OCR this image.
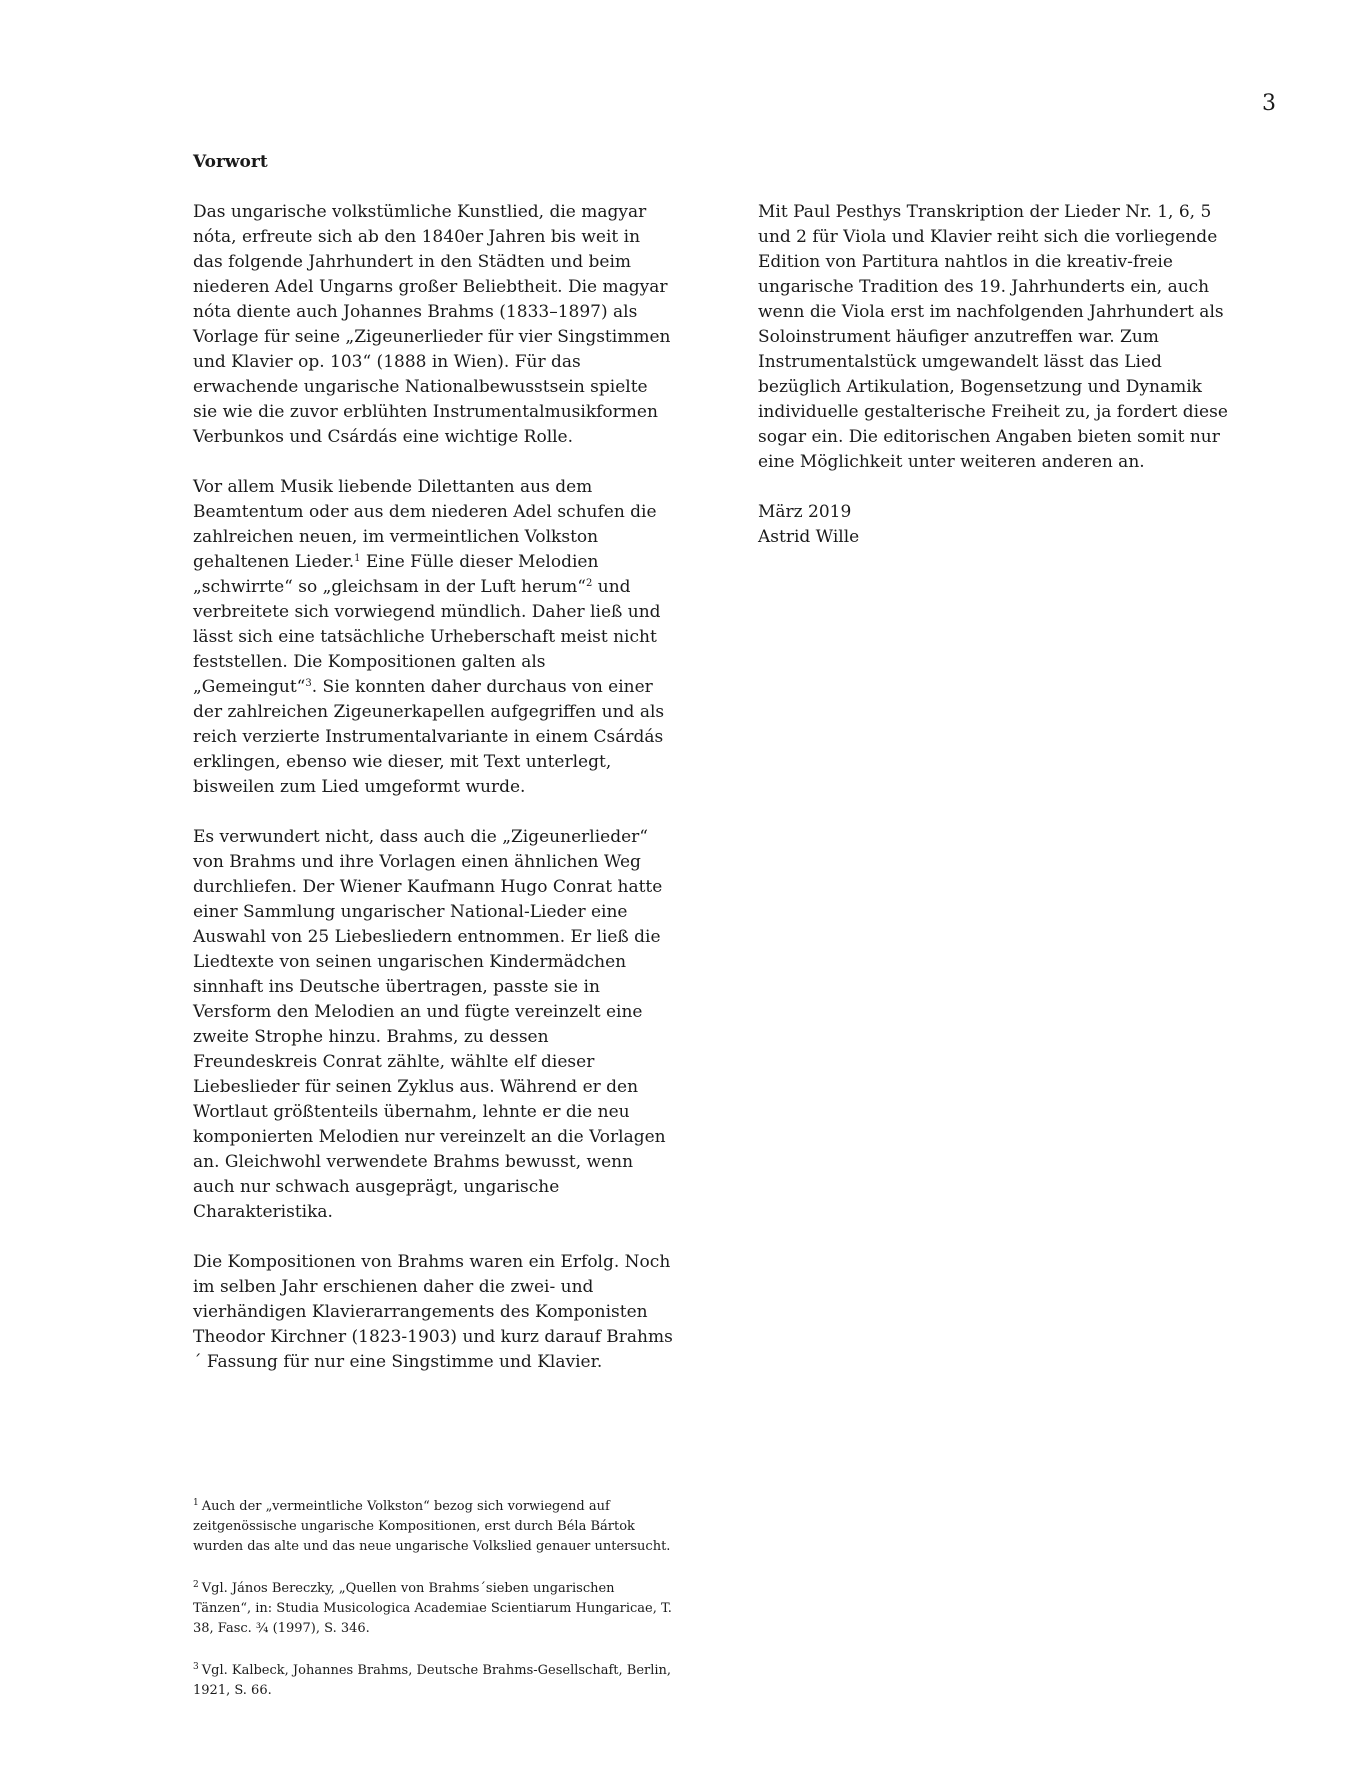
3
Vorwort

Das ungarische volkstümliche Kunstlied, die magyar nóta, erfreute sich ab den 1840er Jahren bis weit in das folgende Jahrhundert in den Städten und beim niederen Adel Ungarns großer Beliebtheit. Die magyar nóta diente auch Johannes Brahms (1833–1897) als Vorlage für seine „Zigeunerlieder für vier Singstimmen und Klavier op. 103“ (1888 in Wien). Für das erwachende ungarische Nationalbewusstsein spielte sie wie die zuvor erblühten Instrumentalmusikformen Verbunkos und Csárdás eine wichtige Rolle.

Vor allem Musik liebende Dilettanten aus dem Beamtentum oder aus dem niederen Adel schufen die zahlreichen neuen, im vermeintlichen Volkston gehaltenen Lieder.$^1$ Eine Fülle dieser Melodien „schwirrte“ so „gleichsam in der Luft herum“$^2$ und verbreitete sich vorwiegend mündlich. Daher ließ und lässt sich eine tatsächliche Urheberschaft meist nicht feststellen. Die Kompositionen galten als „Gemeingut“$^3$. Sie konnten daher durchaus von einer der zahlreichen Zigeunerkapellen aufgegriffen und als reich verzierte Instrumentalvariante in einem Csárdás erklingen, ebenso wie dieser, mit Text unterlegt, bisweilen zum Lied umgeformt wurde.

Es verwundert nicht, dass auch die „Zigeunerlieder“ von Brahms und ihre Vorlagen einen ähnlichen Weg durchliefen. Der Wiener Kaufmann Hugo Conrat hatte einer Sammlung ungarischer National-Lieder eine Auswahl von 25 Liebesliedern entnommen. Er ließ die Liedtexte von seinen ungarischen Kindermädchen sinnhaft ins Deutsche übertragen, passte sie in Versform den Melodien an und fügte vereinzelt eine zweite Strophe hinzu. Brahms, zu dessen Freundeskreis Conrat zählte, wählte elf dieser Liebeslieder für seinen Zyklus aus. Während er den Wortlaut größtenteils übernahm, lehnte er die neu komponierten Melodien nur vereinzelt an die Vorlagen an. Gleichwohl verwendete Brahms bewusst, wenn auch nur schwach ausgeprägt, ungarische Charakteristika.

Die Kompositionen von Brahms waren ein Erfolg. Noch im selben Jahr erschienen daher die zwei- und vierhändigen Klavierarrangements des Komponisten Theodor Kirchner (1823-1903) und kurz darauf Brahms´ Fassung für nur eine Singstimme und Klavier.

Mit Paul Pesthys Transkription der Lieder Nr. 1, 6, 5 und 2 für Viola und Klavier reiht sich die vorliegende Edition von Partitura nahtlos in die kreativ-freie ungarische Tradition des 19. Jahrhunderts ein, auch wenn die Viola erst im nachfolgenden Jahrhundert als Soloinstrument häufiger anzutreffen war. Zum Instrumentalstück umgewandelt lässt das Lied bezüglich Artikulation, Bogensetzung und Dynamik individuelle gestalterische Freiheit zu, ja fordert diese sogar ein. Die editorischen Angaben bieten somit nur eine Möglichkeit unter weiteren anderen an.

März 2019

Astrid Wille

$^1$ Auch der „vermeintliche Volkston“ bezog sich vorwiegend auf zeitgenössische ungarische Kompositionen, erst durch Béla Bártok wurden das alte und das neue ungarische Volkslied genauer untersucht.

$^2$ Vgl. János Bereczky, „Quellen von Brahms´sieben ungarischen Tänzen“, in: Studia Musicologica Academiae Scientiarum Hungaricae, T. 38, Fasc. ¾ (1997), S. 346.

$^3$ Vgl. Kalbeck, Johannes Brahms, Deutsche Brahms-Gesellschaft, Berlin, 1921, S. 66.
